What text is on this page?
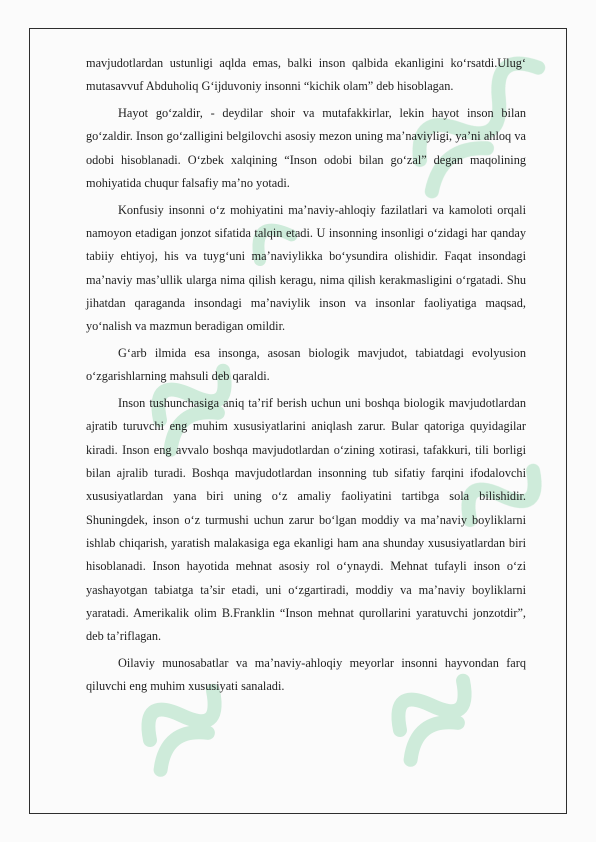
mavjudotlardan ustunligi aqlda emas, balki inson qalbida ekanligini ko‘rsatdi.Ulug‘ mutasavvuf Abduholiq G‘ijduvoniy insonni “kichik olam” deb hisoblagan.

Hayot go‘zaldir, - deydilar shoir va mutafakkirlar, lekin hayot inson bilan go‘zaldir. Inson go‘zalligini belgilovchi asosiy mezon uning ma’naviyligi, ya’ni ahloq va odobi hisoblanadi. O‘zbek xalqining “Inson odobi bilan go‘zal” degan maqolining mohiyatida chuqur falsafiy ma’no yotadi.

Konfusiy insonni o‘z mohiyatini ma’naviy-ahloqiy fazilatlari va kamoloti orqali namoyon etadigan jonzot sifatida talqin etadi. U insonning insonligi o‘zidagi har qanday tabiiy ehtiyoj, his va tuyg‘uni ma’naviylikka bo‘ysundira olishidir. Faqat insondagi ma’naviy mas’ullik ularga nima qilish keragu, nima qilish kerakmasligini o‘rgatadi. Shu jihatdan qaraganda insondagi ma’naviylik inson va insonlar faoliyatiga maqsad, yo‘nalish va mazmun beradigan omildir.

G‘arb ilmida esa insonga, asosan biologik mavjudot, tabiatdagi evolyusion o‘zgarishlarning mahsuli deb qaraldi.

Inson tushunchasiga aniq ta’rif berish uchun uni boshqa biologik mavjudotlardan ajratib turuvchi eng muhim xususiyatlarini aniqlash zarur. Bular qatoriga quyidagilar kiradi. Inson eng avvalo boshqa mavjudotlardan o‘zining xotirasi, tafakkuri, tili borligi bilan ajralib turadi. Boshqa mavjudotlardan insonning tub sifatiy farqini ifodalovchi xususiyatlardan yana biri uning o‘z amaliy faoliyatini tartibga sola bilishidir. Shuningdek, inson o‘z turmushi uchun zarur bo‘lgan moddiy va ma’naviy boyliklarni ishlab chiqarish, yaratish malakasiga ega ekanligi ham ana shunday xususiyatlardan biri hisoblanadi. Inson hayotida mehnat asosiy rol o‘ynaydi. Mehnat tufayli inson o‘zi yashayotgan tabiatga ta’sir etadi, uni o‘zgartiradi, moddiy va ma’naviy boyliklarni yaratadi. Amerikalik olim B.Franklin “Inson mehnat qurollarini yaratuvchi jonzotdir”, deb ta’riflagan.

Oilaviy munosabatlar va ma’naviy-ahloqiy meyorlar insonni hayvondan farq qiluvchi eng muhim xususiyati sanaladi.
